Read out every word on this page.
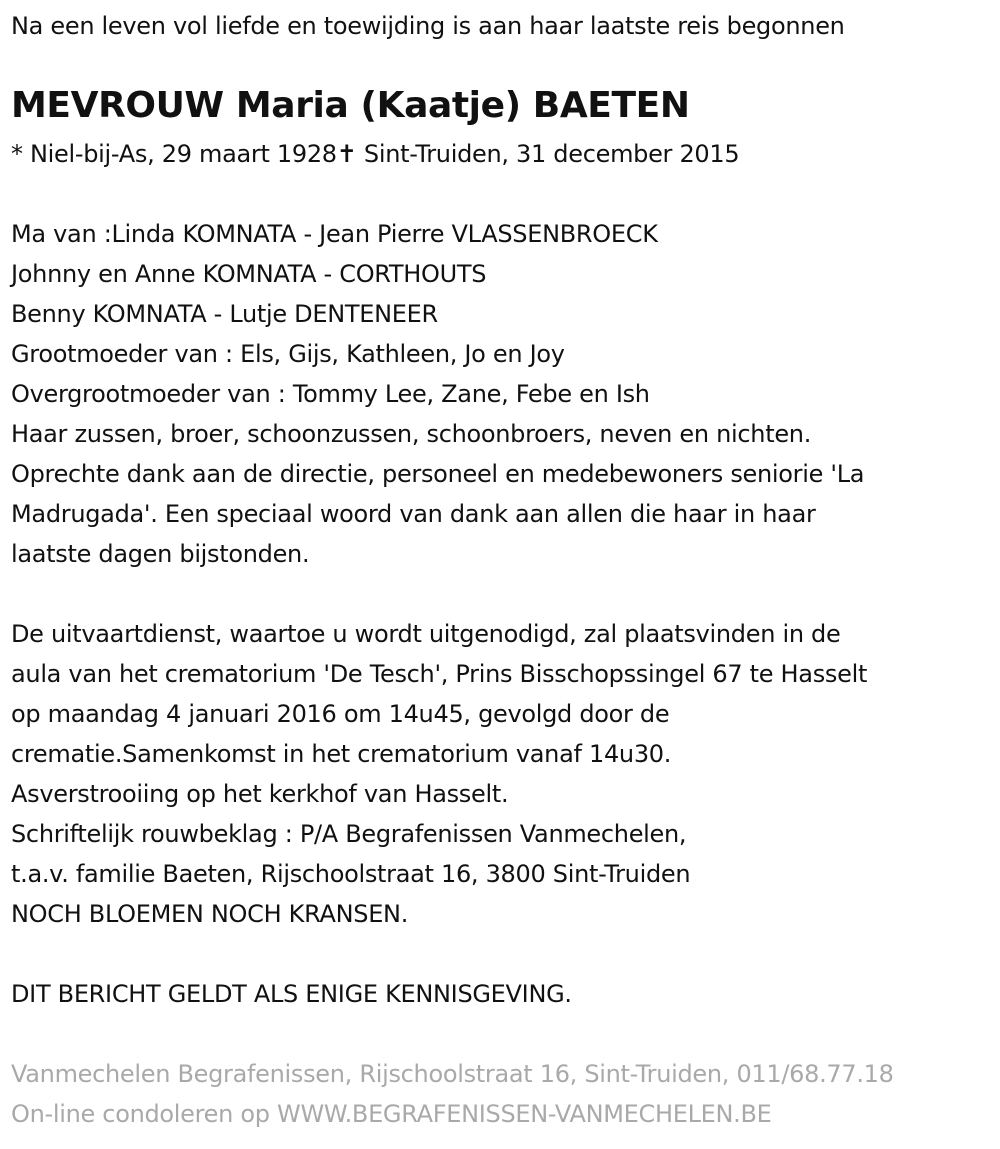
Na een leven vol liefde en toewijding is aan haar laatste reis begonnen
MEVROUW Maria (Kaatje) BAETEN
* Niel-bij-As, 29 maart 1928✝ Sint-Truiden, 31 december 2015
Ma van :Linda KOMNATA - Jean Pierre VLASSENBROECK
Johnny en Anne KOMNATA - CORTHOUTS
Benny KOMNATA - Lutje DENTENEER
Grootmoeder van : Els, Gijs, Kathleen, Jo en Joy
Overgrootmoeder van : Tommy Lee, Zane, Febe en Ish
Haar zussen, broer, schoonzussen, schoonbroers, neven en nichten.
Oprechte dank aan de directie, personeel en medebewoners seniorie 'La
Madrugada'. Een speciaal woord van dank aan allen die haar in haar
laatste dagen bijstonden.
De uitvaartdienst, waartoe u wordt uitgenodigd, zal plaatsvinden in de
aula van het crematorium 'De Tesch', Prins Bisschopssingel 67 te Hasselt
op maandag 4 januari 2016 om 14u45, gevolgd door de
crematie.Samenkomst in het crematorium vanaf 14u30.
Asverstrooiing op het kerkhof van Hasselt.
Schriftelijk rouwbeklag : P/A Begrafenissen Vanmechelen,
t.a.v. familie Baeten, Rijschoolstraat 16, 3800 Sint-Truiden
NOCH BLOEMEN NOCH KRANSEN.
DIT BERICHT GELDT ALS ENIGE KENNISGEVING.
Vanmechelen Begrafenissen, Rijschoolstraat 16, Sint-Truiden, 011/68.77.18
On-line condoleren op WWW.BEGRAFENISSEN-VANMECHELEN.BE
